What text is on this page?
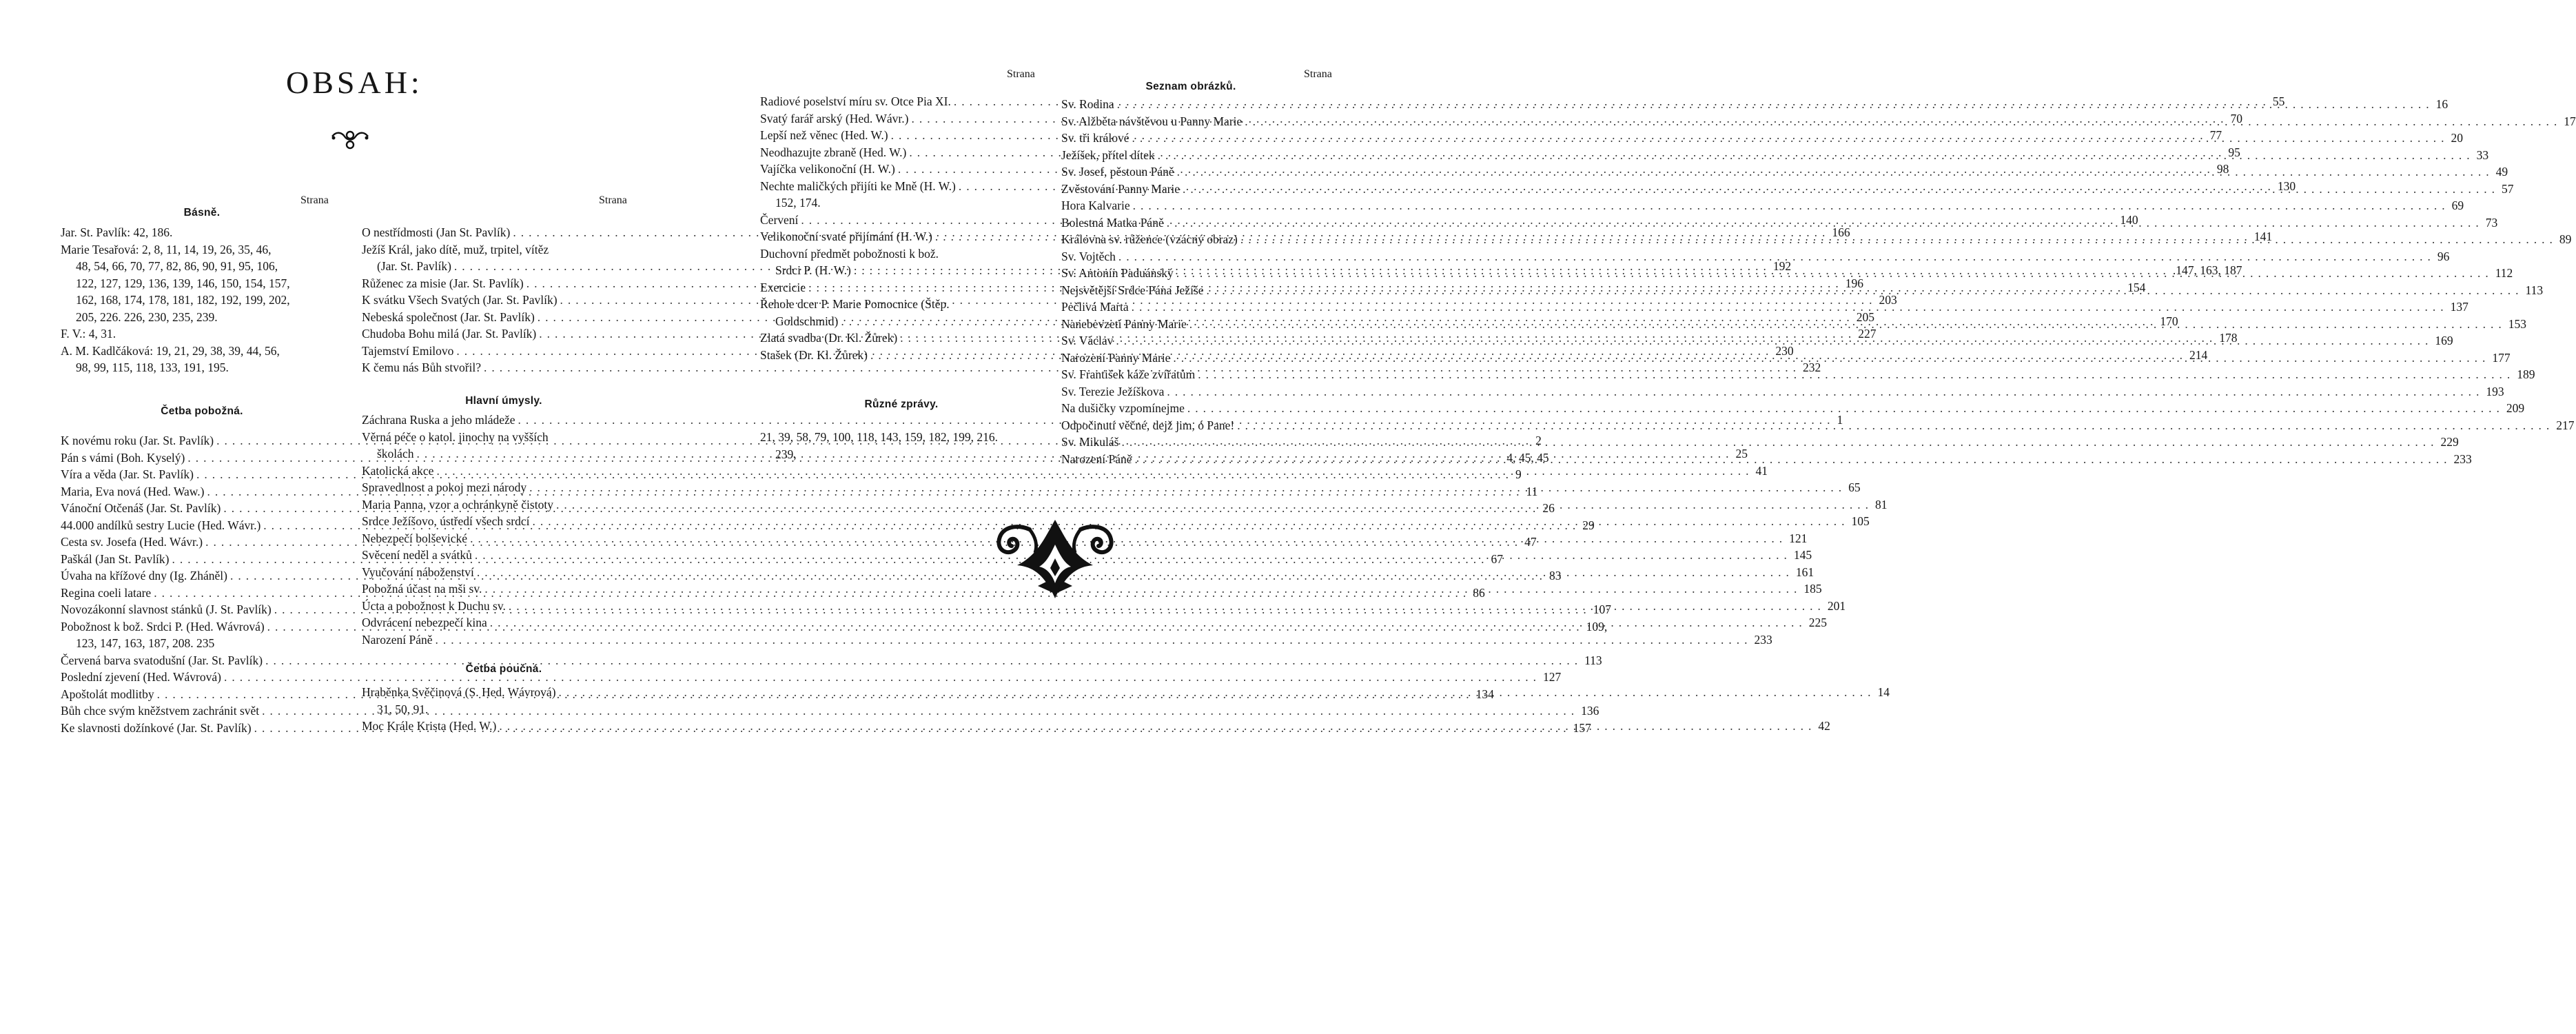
OBSAH:
Strana
Básně.
Jar. St. Pavlík: 42, 186.
Marie Tesařová: 2, 8, 11, 14, 19, 26, 35, 46,
48, 54, 66, 70, 77, 82, 86, 90, 91, 95, 106,
122, 127, 129, 136, 139, 146, 150, 154, 157,
162, 168, 174, 178, 181, 182, 192, 199, 202,
205, 226. 226, 230, 235, 239.
F. V.: 4, 31.
A. M. Kadlčáková: 19, 21, 29, 38, 39, 44, 56,
98, 99, 115, 118, 133, 191, 195.
Četba pobožná.
K novému roku (Jar. St. Pavlík) .....	2
Pán s vámi (Boh. Kyselý) .....	4, 45, 45
Víra a věda (Jar. St. Pavlík) .....	9
Maria, Eva nová (Hed. Waw.) .....	11
Vánoční Otčenáš (Jar. St. Pavlík) .....	26
44.000 andílků sestry Lucie (Hed. Wávr.) .....	29
Cesta sv. Josefa (Hed. Wávr.) .....	47
Paškál (Jan St. Pavlík) .....	67
Úvaha na křížové dny (Ig. Zháněl) .....	83
Regina coeli latare .....	86
Novozákonní slavnost stánků (J. St. Pavlík) .....	107
Pobožnost k bož. Srdci P. (Hed. Wávrová) .....	109,
123, 147, 163, 187, 208. 235
Červená barva svatodušní (Jar. St. Pavlík) .....	113
Poslední zjevení (Hed. Wávrová) .....	127
Apoštolát modlitby .....	134
Bůh chce svým kněžstvem zachránit svět .....	136
Ke slavnosti dožínkové (Jar. St. Pavlík) .....	157
Strana
O nestřídmosti (Jan St. Pavlík) .....	166
Ježíš Král, jako dítě, muž, trpitel, vítěz
(Jar. St. Pavlík) .....	192
Růženec za misie (Jar. St. Pavlík) .....	196
K svátku Všech Svatých (Jar. St. Pavlík) .....	203
Nebeská společnost (Jar. St. Pavlík) .....	205
Chudoba Bohu milá (Jar. St. Pavlík) .....	227
Tajemství Emilovo .....	230
K čemu nás Bůh stvořil? .....	232
Hlavní úmysly.
Záchrana Ruska a jeho mládeže .....	1
Věrná péče o katol. jinochy na vyšších
školách .....	25
Katolická akce .....	41
Spravedlnost a pokoj mezi národy .....	65
Maria Panna, vzor a ochránkyně čistoty .....	81
Srdce Ježíšovo, ústředí všech srdcí .....	105
Nebezpečí bolševické .....	121
Svěcení neděl a svátků .....	145
Vyučování náboženství .....	161
Pobožná účast na mši sv. .....	185
Úcta a pobožnost k Duchu sv. .....	201
Odvrácení nebezpečí kina .....	225
Narození Páně .....	233
Četba poučná.
Hraběnka Svěčinová (S. Hed. Wávrová) .....	14
31, 50, 91.
Moc Krále Krista (Hed. W.) .....	42
Strana
Radiové poselství míru sv. Otce Pia XI. .....	55
Svatý farář arský (Hed. Wávr.) .....	70
Lepší než věnec (Hed. W.) .....	77
Neodhazujte zbraně (Hed. W.) .....	95
Vajíčka velikonoční (H. W.) .....	98
Nechte maličkých přijíti ke Mně (H. W.) .....	130
152, 174.
Červení .....	140
Velikonoční svaté přijímání (H. W.) .....	141
Duchovní předmět pobožnosti k bož.
Srdci P. (H. W.) .....	.147, 163, 187
Exercicie .....	154
Řehole dcer P. Marie Pomocnice (Štěp.
Goldschmid) .....	170
Zlatá svadba (Dr. Kl. Žůrek) .....	178
Stašek (Dr. Kl. Žůrek) .....	214
Různé zprávy.
21, 39, 58, 79, 100, 118, 143, 159, 182, 199, 216.
239,
Strana
Seznam obrázků.
Sv. Rodina .....	16
Sv. Alžběta návštěvou u Panny Marie .....	17
Sv. tři králové .....	20
Ježíšek, přítel dítek .....	33
Sv. Josef, pěstoun Páně .....	49
Zvěstování Panny Marie .....	57
Hora Kalvarie .....	69
Bolestná Matka Páně .....	73
Královna sv. růžence (vzácný obraz) .....	89
Sv. Vojtěch .....	96
Sv. Antonín Paduánský .....	112
Nejsvětější Srdce Pána Ježíše .....	113
Pečlivá Marta .....	137
Nanebevzetí Panny Marie .....	153
Sv. Václav .....	169
Narození Panny Marie .....	177
Sv. František káže zvířatům .....	189
Sv. Terezie Ježíškova .....	193
Na dušičky vzpomínejme .....	209
Odpočinutí věčné, dejž jim, ó Pane! .....	217
Sv. Mikuláš .....	229
Narození Páně .....	233
